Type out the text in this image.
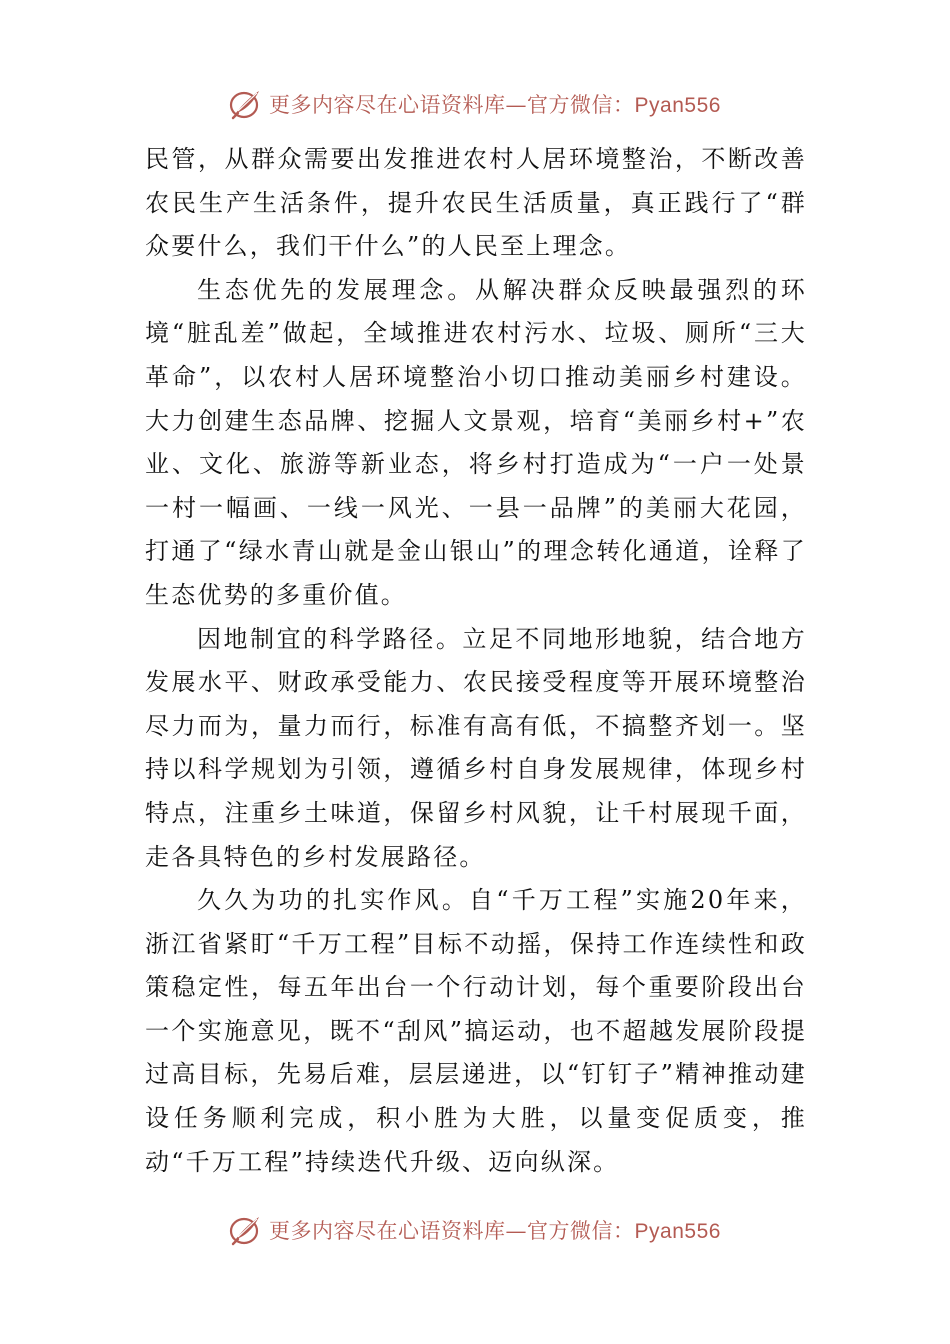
更多内容尽在心语资料库—官方微信：Pyan556

民管，从群众需要出发推进农村人居环境整治，不断改善农民生产生活条件，提升农民生活质量，真正践行了“群众要什么，我们干什么”的人民至上理念。

生态优先的发展理念。从解决群众反映最强烈的环境“脏乱差”做起，全域推进农村污水、垃圾、厕所“三大革命”，以农村人居环境整治小切口推动美丽乡村建设。大力创建生态品牌、挖掘人文景观，培育“美丽乡村+”农业、文化、旅游等新业态，将乡村打造成为“一户一处景一村一幅画、一线一风光、一县一品牌”的美丽大花园，打通了“绿水青山就是金山银山”的理念转化通道，诠释了生态优势的多重价值。

因地制宜的科学路径。立足不同地形地貌，结合地方发展水平、财政承受能力、农民接受程度等开展环境整治尽力而为，量力而行，标准有高有低，不搞整齐划一。坚持以科学规划为引领，遵循乡村自身发展规律，体现乡村特点，注重乡土味道，保留乡村风貌，让千村展现千面，走各具特色的乡村发展路径。

久久为功的扎实作风。自“千万工程”实施20年来，浙江省紧盯“千万工程”目标不动摇，保持工作连续性和政策稳定性，每五年出台一个行动计划，每个重要阶段出台一个实施意见，既不“刮风”搞运动，也不超越发展阶段提过高目标，先易后难，层层递进，以“钉钉子”精神推动建设任务顺利完成，积小胜为大胜，以量变促质变，推动“千万工程”持续迭代升级、迈向纵深。

更多内容尽在心语资料库—官方微信：Pyan556
